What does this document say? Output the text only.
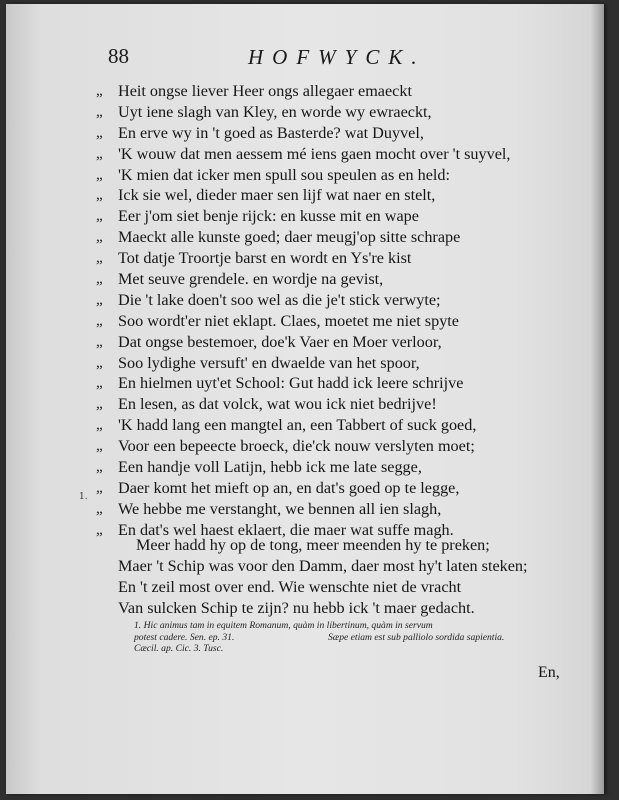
88	HOFWYCK.
„ Heit ongse liever Heer ongs allegaer emaeckt
„ Uyt iene slagh van Kley, en worde wy ewraeckt,
„ En erve wy in 't goed as Basterde? wat Duyvel,
„ 'K wouw dat men aessem mé iens gaen mocht over 't suyvel,
„ 'K mien dat icker men spull sou speulen as en held:
„ Ick sie wel, dieder maer sen lijf wat naer en stelt,
„ Eer j'om siet benje rijck: en kusse mit en wape
„ Maeckt alle kunste goed; daer meugj'op sitte schrape
„ Tot datje Troortje barst en wordt en Ys're kist
„ Met seuve grendele. en wordje na gevist,
„ Die 't lake doen't soo wel as die je't stick verwyte;
„ Soo wordt'er niet eklapt. Claes, moetet me niet spyte
„ Dat ongse bestemoer, doe'k Vaer en Moer verloor,
„ Soo lydighe versuft' en dwaelde van het spoor,
„ En hielmen uyt'et School: Gut hadd ick leere schrijve
„ En lesen, as dat volck, wat wou ick niet bedrijve!
„ 'K hadd lang een mangtel an, een Tabbert of suck goed,
„ Voor een bepeecte broeck, die'ck nouw verslyten moet;
„ Een handje voll Latijn, hebb ick me late segge,
„ Daer komt het mieft op an, en dat's goed op te legge,
„ We hebbe me verstanght, we bennen all ien slagh,
„ En dat's wel haest eklaert, die maer wat suffe magh.
1.
Meer hadd hy op de tong, meer meenden hy te preken;
Maer 't Schip was voor den Damm, daer most hy't laten steken;
En 't zeil most over end. Wie wenschte niet de vracht
Van sulcken Schip te zijn? nu hebb ick 't maer gedacht.
1. Hic animus tam in equitem Romanum, quàm in libertinum, quàm in servum
potest cadere. Sen. ep. 31.	Sæpe etiam est sub palliolo sordida sapientia.
Cæcil. ap. Cic. 3. Tusc.
En,
